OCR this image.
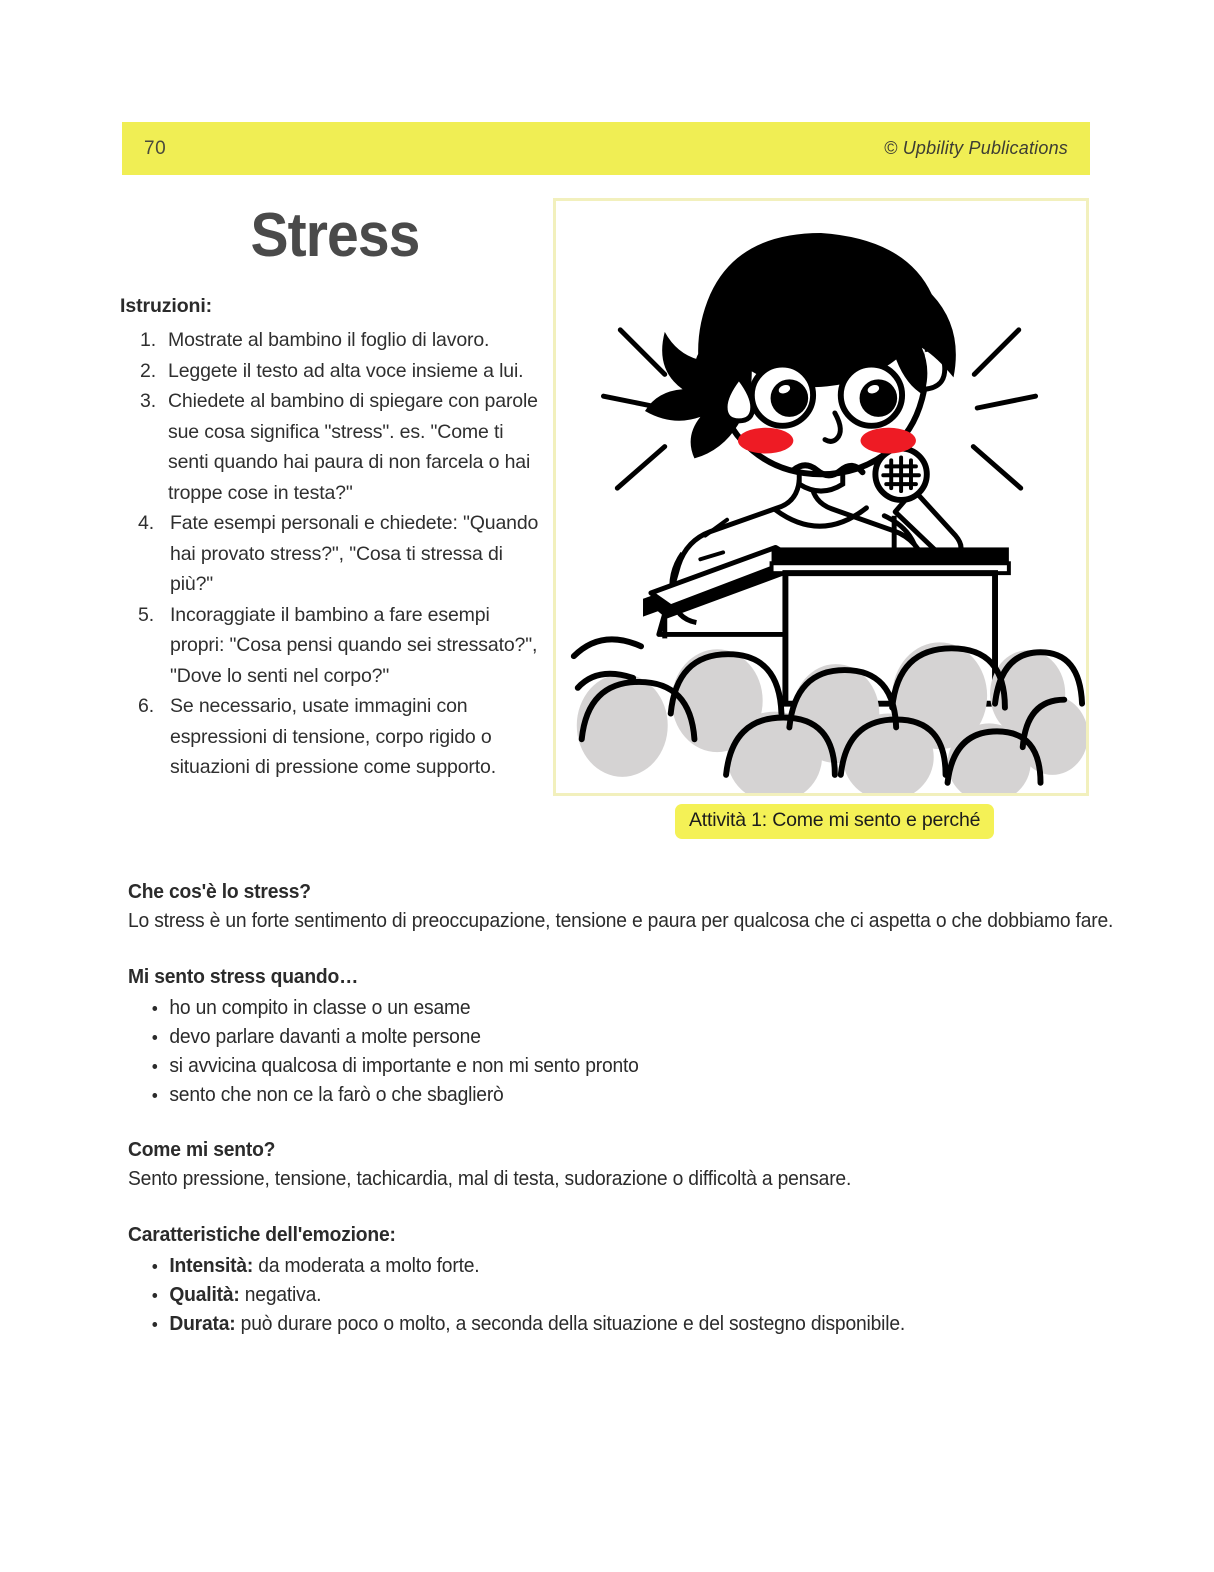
70	© Upbility Publications
Stress
Istruzioni:
Mostrate al bambino il foglio di lavoro.
Leggete il testo ad alta voce insieme a lui.
Chiedete al bambino di spiegare con parole sue cosa significa "stress". es. "Come ti senti quando hai paura di non farcela o hai troppe cose in testa?"
Fate esempi personali e chiedete: "Quando hai provato stress?", "Cosa ti stressa di più?"
Incoraggiate il bambino a fare esempi propri: "Cosa pensi quando sei stressato?", "Dove lo senti nel corpo?"
Se necessario, usate immagini con espressioni di tensione, corpo rigido o situazioni di pressione come supporto.
Attività 1: Come mi sento e perché
Che cos'è lo stress?

Lo stress è un forte sentimento di preoccupazione, tensione e paura per qualcosa che ci aspetta o che dobbiamo fare.

Mi sento stress quando…
ho un compito in classe o un esame
devo parlare davanti a molte persone
si avvicina qualcosa di importante e non mi sento pronto
sento che non ce la farò o che sbaglierò
Come mi sento?

Sento pressione, tensione, tachicardia, mal di testa, sudorazione o difficoltà a pensare.

Caratteristiche dell'emozione:
Intensità: da moderata a molto forte.
Qualità: negativa.
Durata: può durare poco o molto, a seconda della situazione e del sostegno disponibile.
